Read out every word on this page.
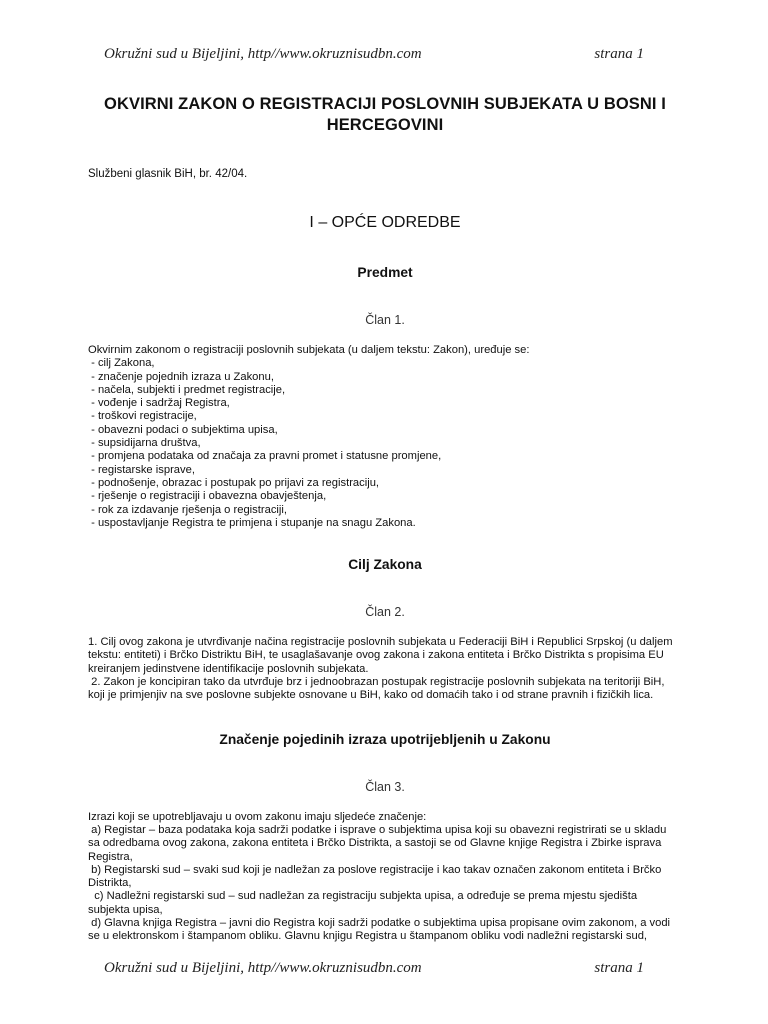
Okružni sud u Bijeljini, http//www.okruznisudbn.com	strana 1
OKVIRNI ZAKON O REGISTRACIJI POSLOVNIH SUBJEKATA U BOSNI I HERCEGOVINI

Službeni glasnik BiH, br. 42/04.

I – OPĆE ODREDBE
Predmet
Član 1.

Okvirnim zakonom o registraciji poslovnih subjekata (u daljem tekstu: Zakon), uređuje se:

- cilj Zakona,
- značenje pojednih izraza u Zakonu,
- načela, subjekti i predmet registracije,
- vođenje i sadržaj Registra,
- troškovi registracije,
- obavezni podaci o subjektima upisa,
- supsidijarna društva,
- promjena podataka od značaja za pravni promet i statusne promjene,
- registarske isprave,
- podnošenje, obrazac i postupak po prijavi za registraciju,
- rješenje o registraciji i obavezna obavještenja,
- rok za izdavanje rješenja o registraciji,
- uspostavljanje Registra te primjena i stupanje na snagu Zakona.
Cilj Zakona
Član 2.
1. Cilj ovog zakona je utvrđivanje načina registracije poslovnih subjekata u Federaciji BiH i Republici Srpskoj (u daljem
tekstu: entiteti) i Brčko Distriktu BiH, te usaglašavanje ovog zakona i zakona entiteta i Brčko Distrikta s propisima EU
kreiranjem jedinstvene identifikacije poslovnih subjekata.
2. Zakon je koncipiran tako da utvrđuje brz i jednoobrazan postupak registracije poslovnih subjekata na teritoriji BiH,
koji je primjenjiv na sve poslovne subjekte osnovane u BiH, kako od domaćih tako i od strane pravnih i fizičkih lica.
Značenje pojedinih izraza upotrijebljenih u Zakonu
Član 3.
Izrazi koji se upotrebljavaju u ovom zakonu imaju sljedeće značenje:
a) Registar – baza podataka koja sadrži podatke i isprave o subjektima upisa koji su obavezni registrirati se u skladu
sa odredbama ovog zakona, zakona entiteta i Brčko Distrikta, a sastoji se od Glavne knjige Registra i Zbirke isprava
Registra,
b) Registarski sud – svaki sud koji je nadležan za poslove registracije i kao takav označen zakonom entiteta i Brčko
Distrikta,
c) Nadležni registarski sud – sud nadležan za registraciju subjekta upisa, a određuje se prema mjestu sjedišta
subjekta upisa,
d) Glavna knjiga Registra – javni dio Registra koji sadrži podatke o subjektima upisa propisane ovim zakonom, a vodi
se u elektronskom i štampanom obliku. Glavnu knjigu Registra u štampanom obliku vodi nadležni registarski sud,
Okružni sud u Bijeljini, http//www.okruznisudbn.com	strana 1
